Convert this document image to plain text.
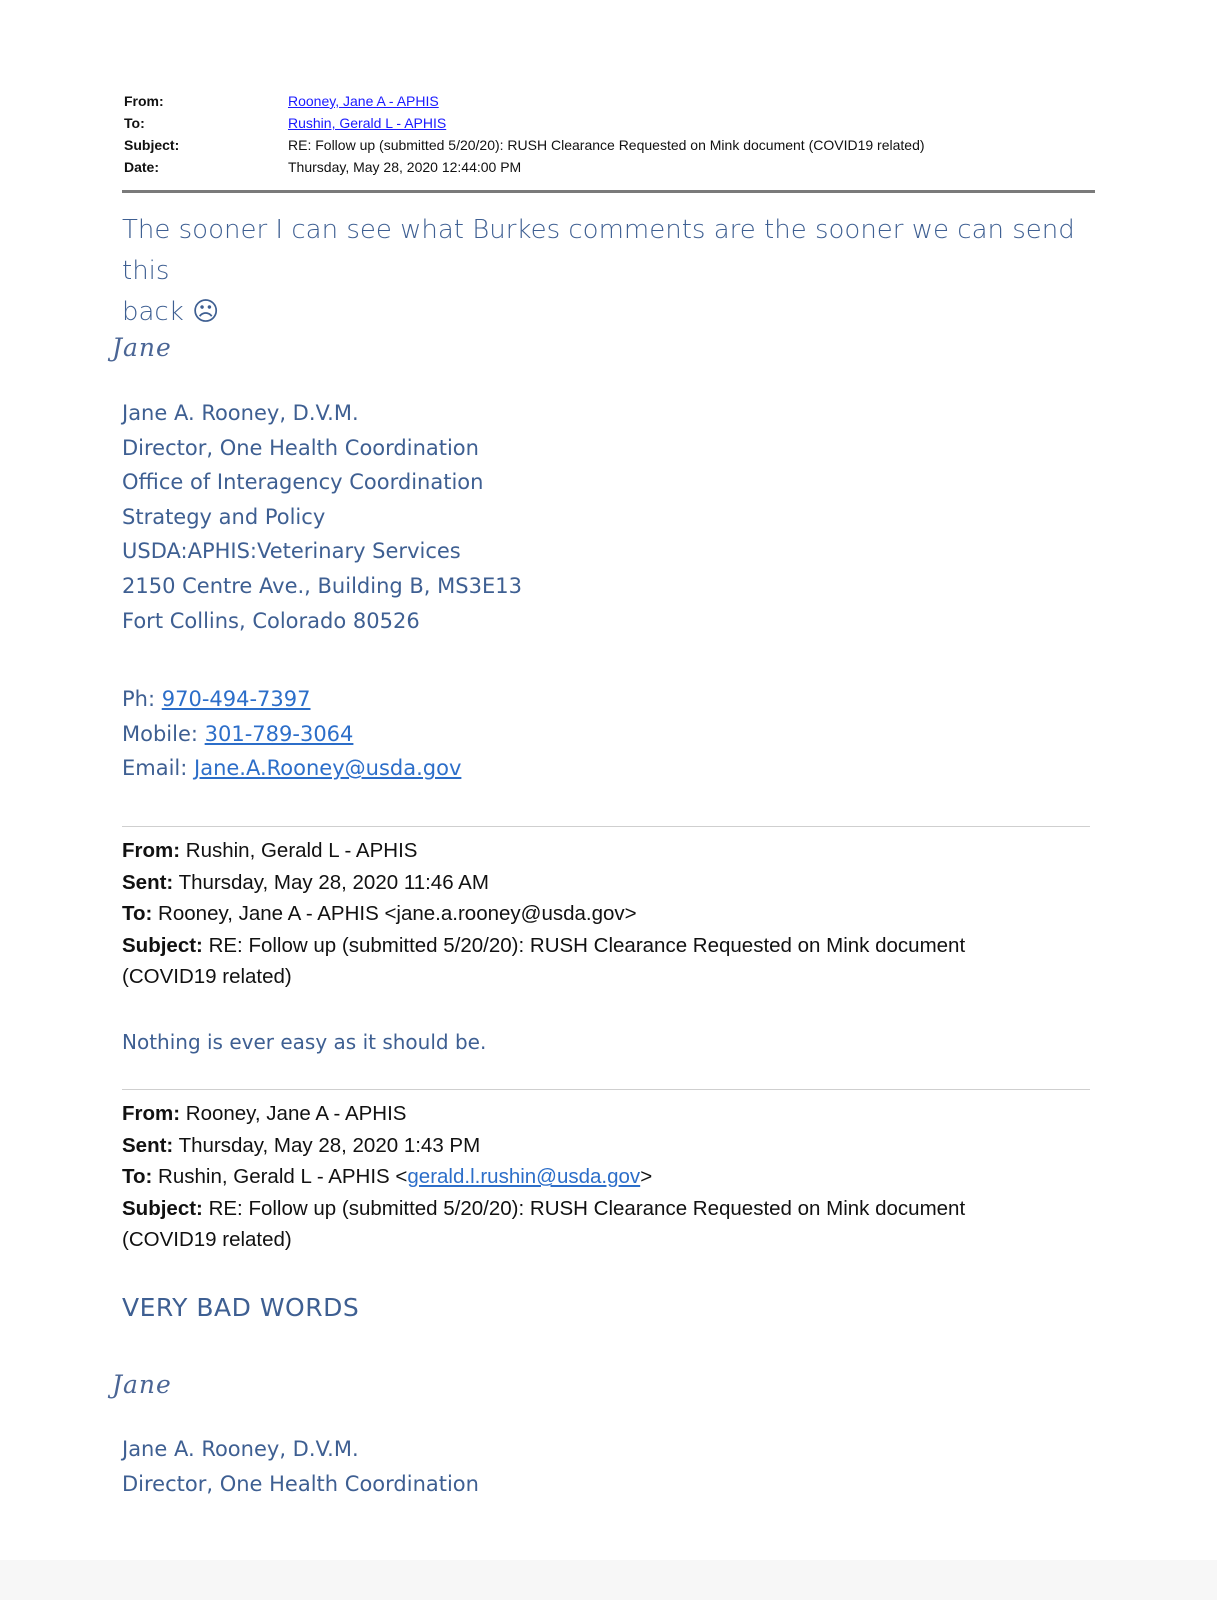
From:	Rooney, Jane A - APHIS
To:	Rushin, Gerald L - APHIS
Subject:	RE: Follow up (submitted 5/20/20): RUSH Clearance Requested on Mink document (COVID19 related)
Date:	Thursday, May 28, 2020 12:44:00 PM
The sooner I can see what Burkes comments are the sooner we can send this
back ☹
Jane
Jane A. Rooney, D.V.M.
Director, One Health Coordination
Office of Interagency Coordination
Strategy and Policy
USDA:APHIS:Veterinary Services
2150 Centre Ave., Building B, MS3E13
Fort Collins, Colorado 80526
Ph: 970-494-7397
Mobile: 301-789-3064
Email: Jane.A.Rooney@usda.gov
From: Rushin, Gerald L - APHIS
Sent: Thursday, May 28, 2020 11:46 AM
To: Rooney, Jane A - APHIS <jane.a.rooney@usda.gov>
Subject: RE: Follow up (submitted 5/20/20): RUSH Clearance Requested on Mink document
(COVID19 related)
Nothing is ever easy as it should be.
From: Rooney, Jane A - APHIS
Sent: Thursday, May 28, 2020 1:43 PM
To: Rushin, Gerald L - APHIS <gerald.l.rushin@usda.gov>
Subject: RE: Follow up (submitted 5/20/20): RUSH Clearance Requested on Mink document
(COVID19 related)
VERY BAD WORDS
Jane
Jane A. Rooney, D.V.M.
Director, One Health Coordination
